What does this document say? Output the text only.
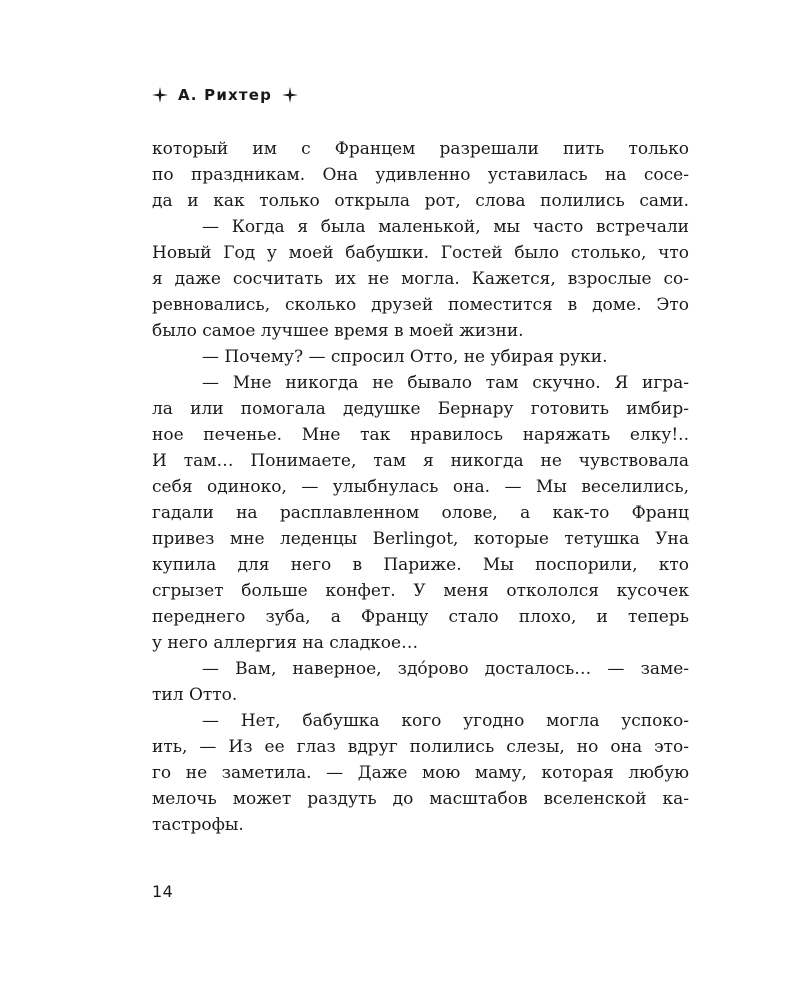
А. Рихтер
который им с Францем разрешали пить только
по праздникам. Она удивленно уставилась на сосе-
да и как только открыла рот, слова полились сами.
— Когда я была маленькой, мы часто встречали
Новый Год у моей бабушки. Гостей было столько, что
я даже сосчитать их не могла. Кажется, взрослые со-
ревновались, сколько друзей поместится в доме. Это
было самое лучшее время в моей жизни.
— Почему? — спросил Отто, не убирая руки.
— Мне никогда не бывало там скучно. Я игра-
ла или помогала дедушке Бернару готовить имбир-
ное печенье. Мне так нравилось наряжать елку!..
И там… Понимаете, там я никогда не чувствовала
себя одиноко, — улыбнулась она. — Мы веселились,
гадали на расплавленном олове, а как-то Франц
привез мне леденцы Berlingot, которые тетушка Уна
купила для него в Париже. Мы поспорили, кто
сгрызет больше конфет. У меня откололся кусочек
переднего зуба, а Францу стало плохо, и теперь
у него аллергия на сладкое…
— Вам, наверное, здо́рово досталось… — заме-
тил Отто.
— Нет, бабушка кого угодно могла успоко-
ить, — Из ее глаз вдруг полились слезы, но она это-
го не заметила. — Даже мою маму, которая любую
мелочь может раздуть до масштабов вселенской ка-
тастрофы.
14
